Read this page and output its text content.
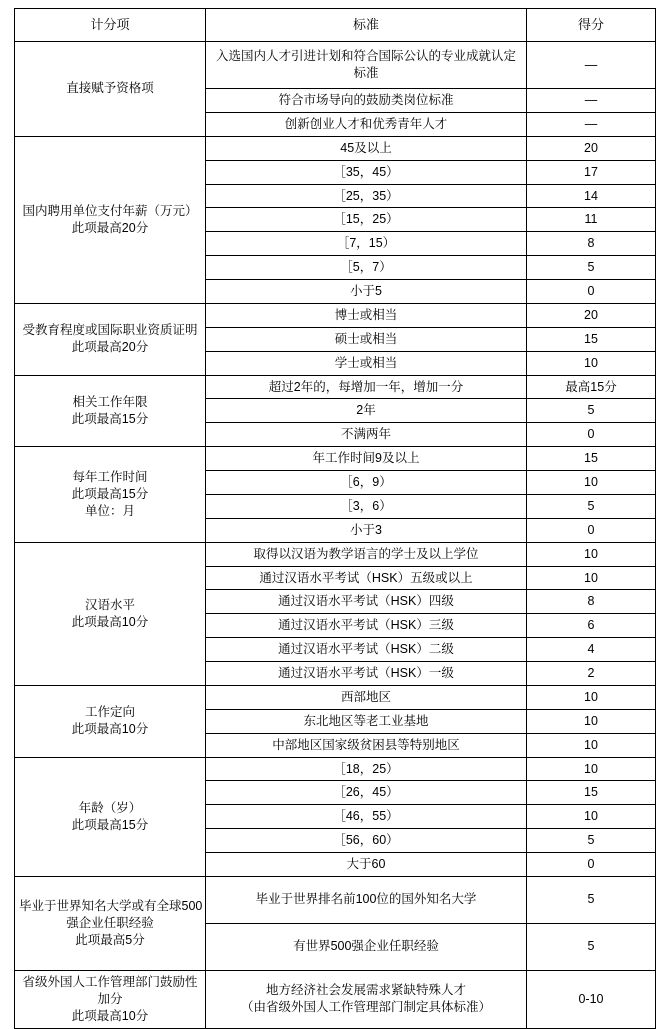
计分项	标准	得分

直接赋予资格项	入选国内人才引进计划和符合国际公认的专业成就认定标准	—
	符合市场导向的鼓励类岗位标准	—
	创新创业人才和优秀青年人才	—

国内聘用单位支付年薪（万元）
此项最高20分	45及以上	20
	［35，45）	17
	［25，35）	14
	［15，25）	11
	［7，15）	8
	［5，7）	5
	小于5	0

受教育程度或国际职业资质证明
此项最高20分	博士或相当	20
	硕士或相当	15
	学士或相当	10

相关工作年限
此项最高15分	超过2年的，每增加一年，增加一分	最高15分
	2年	5
	不满两年	0

每年工作时间
此项最高15分
单位：月	年工作时间9及以上	15
	［6，9）	10
	［3，6）	5
	小于3	0

汉语水平
此项最高10分	取得以汉语为教学语言的学士及以上学位	10
	通过汉语水平考试（HSK）五级或以上	10
	通过汉语水平考试（HSK）四级	8
	通过汉语水平考试（HSK）三级	6
	通过汉语水平考试（HSK）二级	4
	通过汉语水平考试（HSK）一级	2

工作定向
此项最高10分	西部地区	10
	东北地区等老工业基地	10
	中部地区国家级贫困县等特别地区	10

年龄（岁）
此项最高15分	［18，25）	10
	［26，45）	15
	［46，55）	10
	［56，60）	5
	大于60	0

毕业于世界知名大学或有全球500
强企业任职经验
此项最高5分	毕业于世界排名前100位的国外知名大学	5
	有世界500强企业任职经验	5

省级外国人工作管理部门鼓励性
加分
此项最高10分	地方经济社会发展需求紧缺特殊人才
（由省级外国人工作管理部门制定具体标准）	0-10
